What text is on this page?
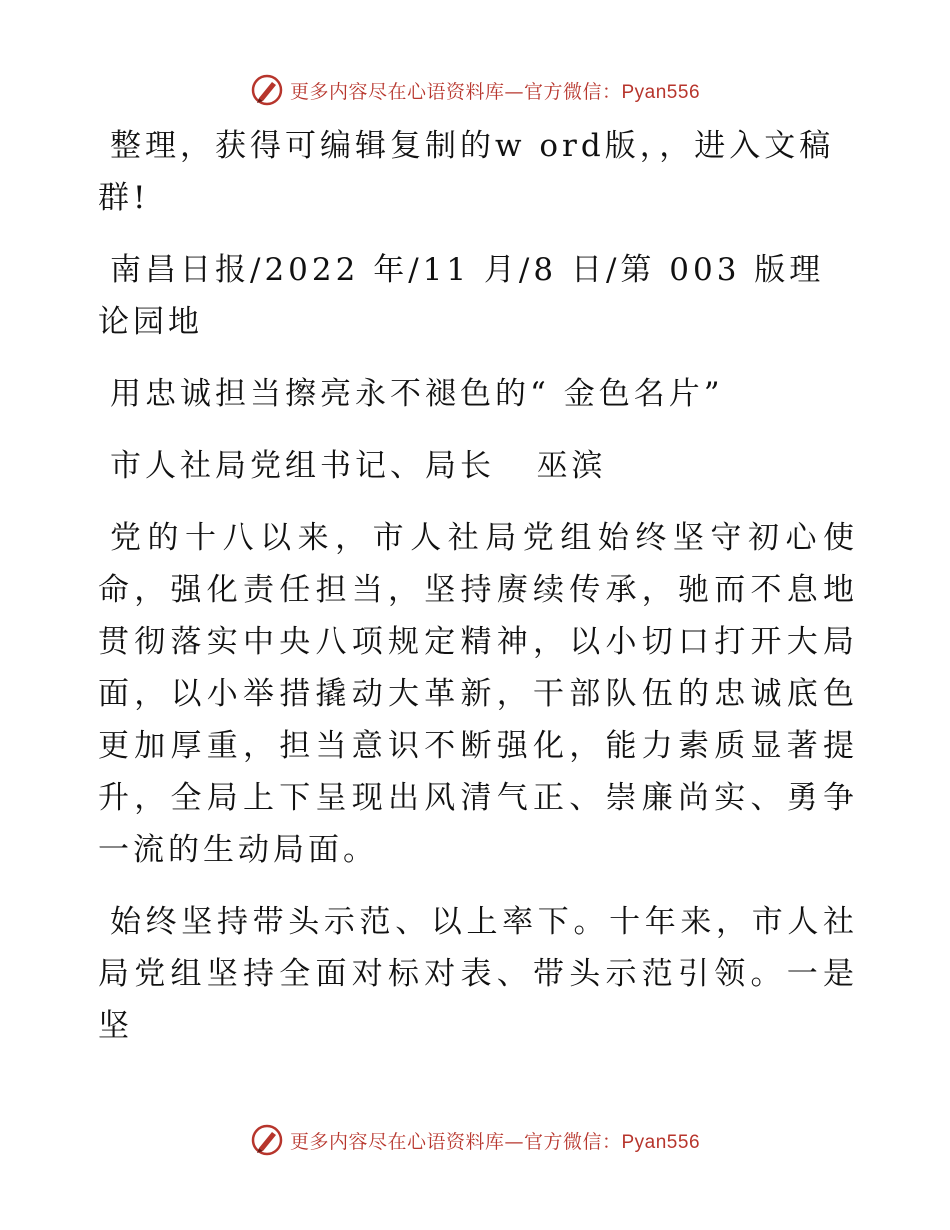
更多内容尽在心语资料库—官方微信：Pyan556

整理，获得可编辑复制的w ord版，，进入文稿群!

南昌日报/2022 年/11 月/8 日/第 003 版理论园地

用忠诚担当擦亮永不褪色的“ 金色名片”

市人社局党组书记、局长   巫滨

党的十八以来，市人社局党组始终坚守初心使命，强化责任担当，坚持赓续传承，驰而不息地贯彻落实中央八项规定精神，以小切口打开大局面，以小举措撬动大革新，干部队伍的忠诚底色更加厚重，担当意识不断强化，能力素质显著提升，全局上下呈现出风清气正、崇廉尚实、勇争一流的生动局面。

始终坚持带头示范、以上率下。十年来，市人社局党组坚持全面对标对表、带头示范引领。一是坚

更多内容尽在心语资料库—官方微信：Pyan556
